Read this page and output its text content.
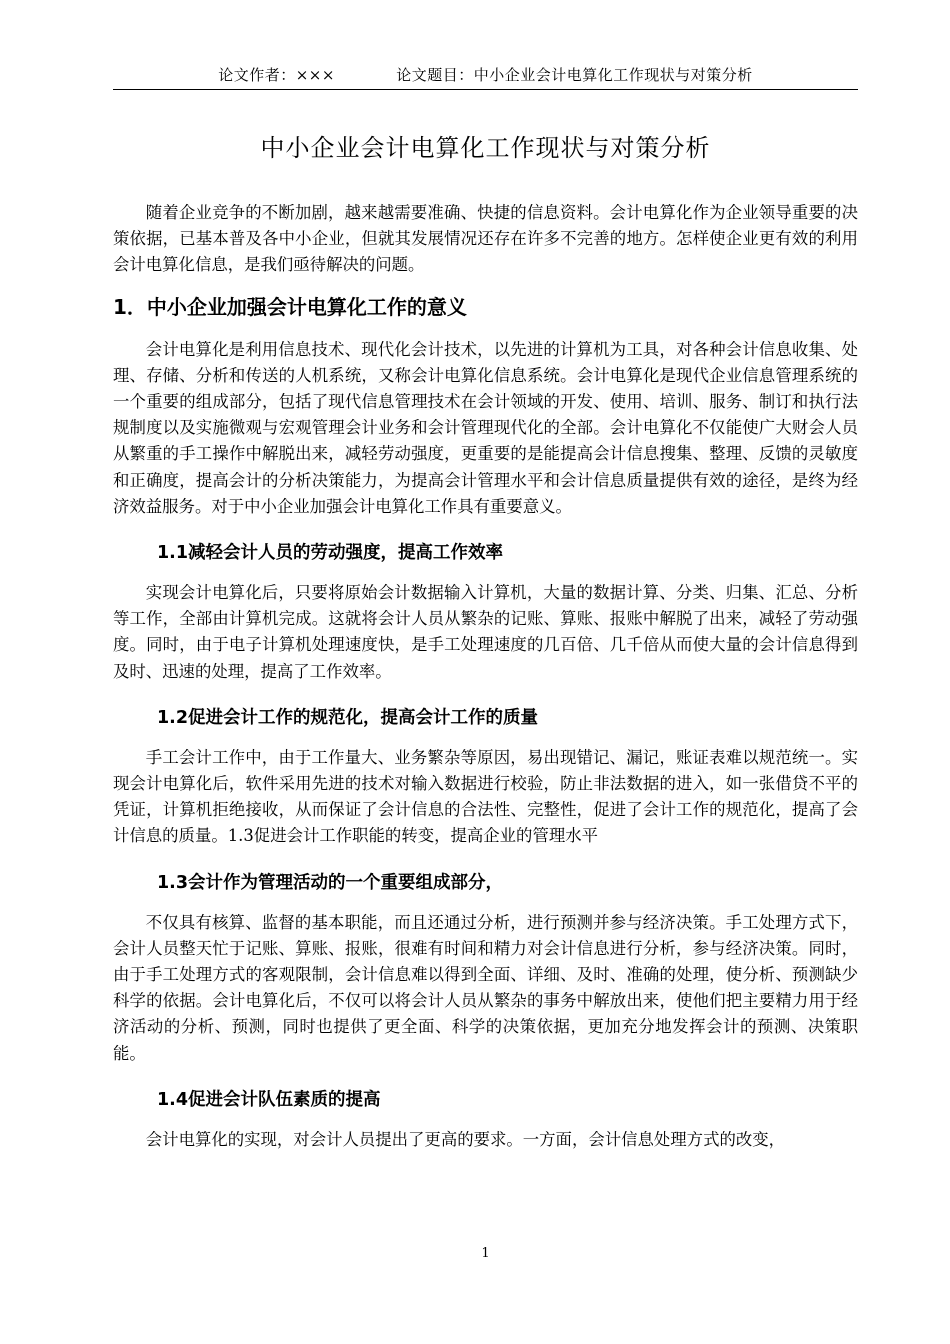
论文作者：×××	论文题目：中小企业会计电算化工作现状与对策分析
中小企业会计电算化工作现状与对策分析

随着企业竞争的不断加剧，越来越需要准确、快捷的信息资料。会计电算化作为企业领导重要的决策依据，已基本普及各中小企业，但就其发展情况还存在许多不完善的地方。怎样使企业更有效的利用会计电算化信息，是我们亟待解决的问题。

1．中小企业加强会计电算化工作的意义

会计电算化是利用信息技术、现代化会计技术，以先进的计算机为工具，对各种会计信息收集、处理、存储、分析和传送的人机系统，又称会计电算化信息系统。会计电算化是现代企业信息管理系统的一个重要的组成部分，包括了现代信息管理技术在会计领域的开发、使用、培训、服务、制订和执行法规制度以及实施微观与宏观管理会计业务和会计管理现代化的全部。会计电算化不仅能使广大财会人员从繁重的手工操作中解脱出来，减轻劳动强度，更重要的是能提高会计信息搜集、整理、反馈的灵敏度和正确度，提高会计的分析决策能力，为提高会计管理水平和会计信息质量提供有效的途径，是终为经济效益服务。对于中小企业加强会计电算化工作具有重要意义。

1.1减轻会计人员的劳动强度，提高工作效率

实现会计电算化后，只要将原始会计数据输入计算机，大量的数据计算、分类、归集、汇总、分析等工作，全部由计算机完成。这就将会计人员从繁杂的记账、算账、报账中解脱了出来，减轻了劳动强度。同时，由于电子计算机处理速度快，是手工处理速度的几百倍、几千倍从而使大量的会计信息得到及时、迅速的处理，提高了工作效率。

1.2促进会计工作的规范化，提高会计工作的质量

手工会计工作中，由于工作量大、业务繁杂等原因，易出现错记、漏记，账证表难以规范统一。实现会计电算化后，软件采用先进的技术对输入数据进行校验，防止非法数据的进入，如一张借贷不平的凭证，计算机拒绝接收，从而保证了会计信息的合法性、完整性，促进了会计工作的规范化，提高了会计信息的质量。1.3促进会计工作职能的转变，提高企业的管理水平

1.3会计作为管理活动的一个重要组成部分，

不仅具有核算、监督的基本职能，而且还通过分析，进行预测并参与经济决策。手工处理方式下，会计人员整天忙于记账、算账、报账，很难有时间和精力对会计信息进行分析，参与经济决策。同时，由于手工处理方式的客观限制，会计信息难以得到全面、详细、及时、准确的处理，使分析、预测缺少科学的依据。会计电算化后，不仅可以将会计人员从繁杂的事务中解放出来，使他们把主要精力用于经济活动的分析、预测，同时也提供了更全面、科学的决策依据，更加充分地发挥会计的预测、决策职能。

1.4促进会计队伍素质的提高

会计电算化的实现，对会计人员提出了更高的要求。一方面，会计信息处理方式的改变，

1
